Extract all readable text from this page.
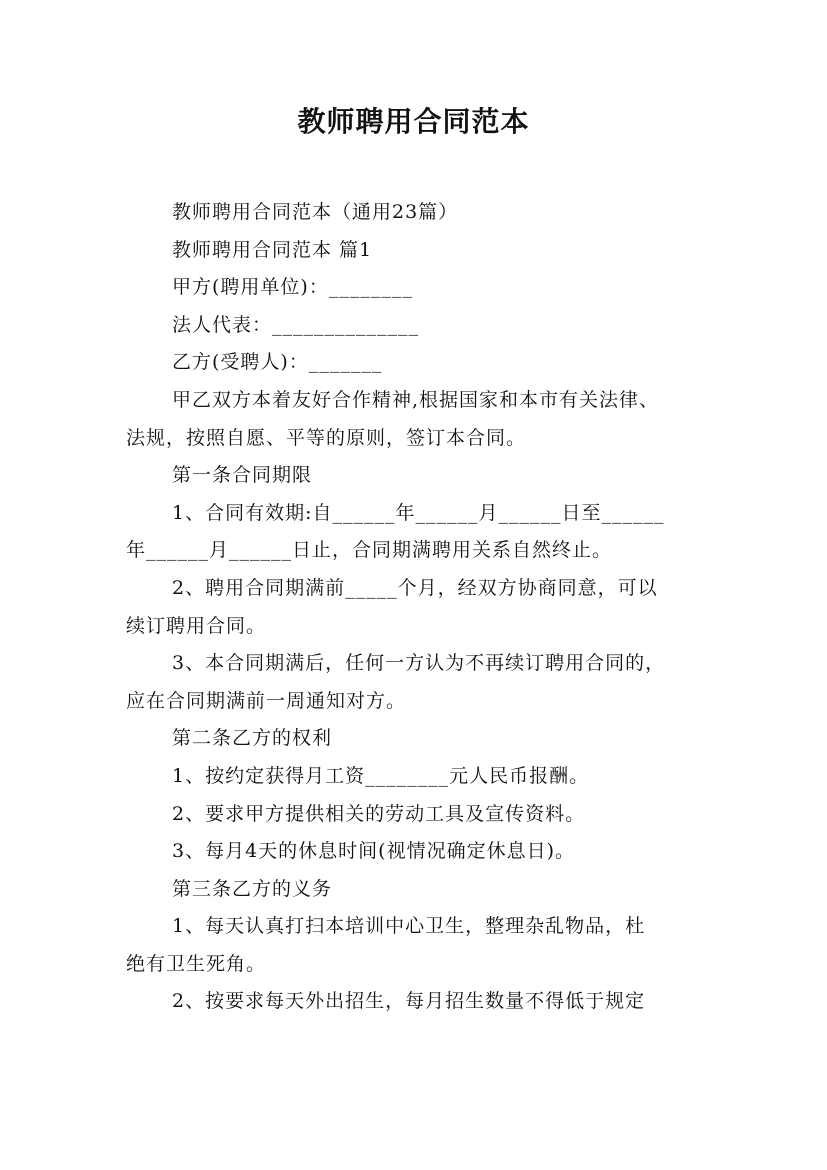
教师聘用合同范本
教师聘用合同范本（通用23篇）
教师聘用合同范本 篇1
甲方(聘用单位)：________
法人代表：______________
乙方(受聘人)：_______
甲乙双方本着友好合作精神,根据国家和本市有关法律、
法规，按照自愿、平等的原则，签订本合同。
第一条合同期限
1、合同有效期:自______年______月______日至______
年______月______日止，合同期满聘用关系自然终止。
2、聘用合同期满前_____个月，经双方协商同意，可以
续订聘用合同。
3、本合同期满后，任何一方认为不再续订聘用合同的，
应在合同期满前一周通知对方。
第二条乙方的权利
1、按约定获得月工资________元人民币报酬。
2、要求甲方提供相关的劳动工具及宣传资料。
3、每月4天的休息时间(视情况确定休息日)。
第三条乙方的义务
1、每天认真打扫本培训中心卫生，整理杂乱物品，杜
绝有卫生死角。
2、按要求每天外出招生，每月招生数量不得低于规定
